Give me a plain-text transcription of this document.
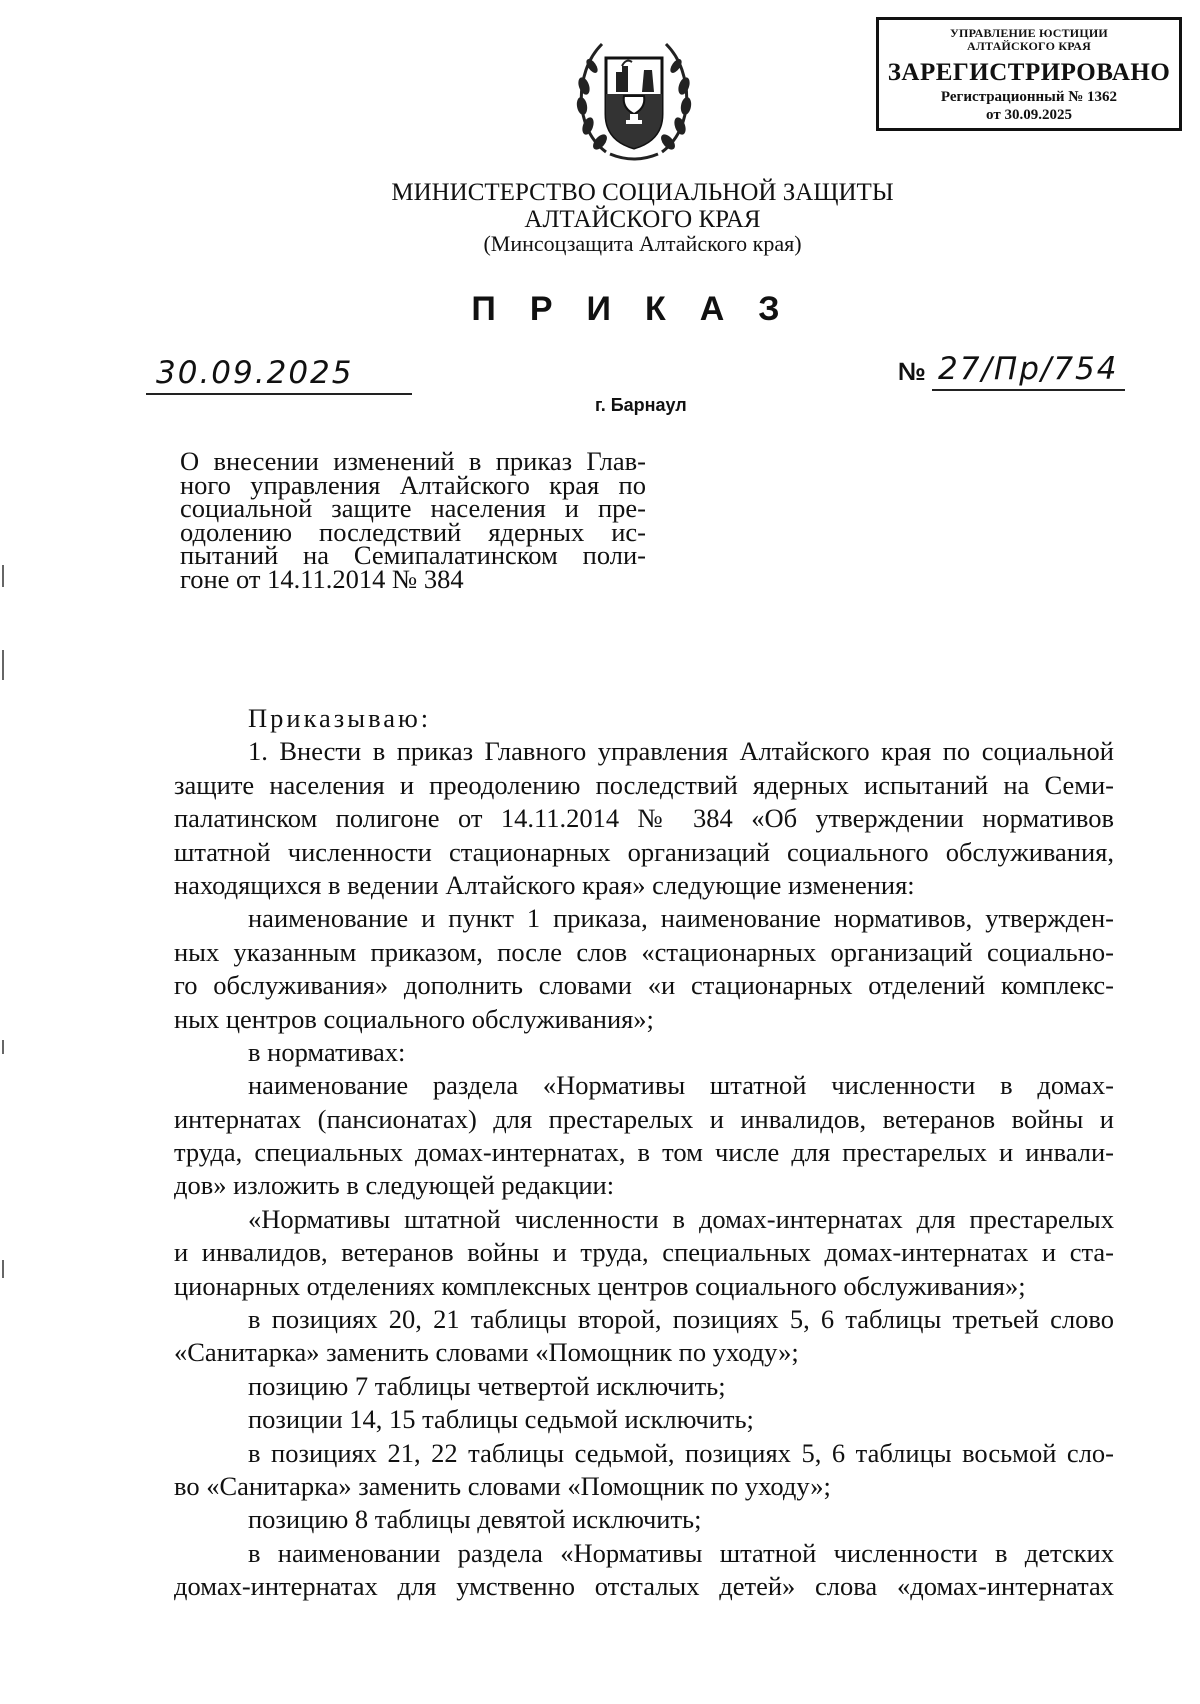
УПРАВЛЕНИЕ ЮСТИЦИИ
АЛТАЙСКОГО КРАЯ
ЗАРЕГИСТРИРОВАНО
Регистрационный № 1362
от 30.09.2025
МИНИСТЕРСТВО СОЦИАЛЬНОЙ ЗАЩИТЫ
АЛТАЙСКОГО КРАЯ
(Минсоцзащита Алтайского края)
ПРИКАЗ
30.09.2025	№ 27/Пр/754
г. Барнаул
О внесении изменений в приказ Глав-
ного управления Алтайского края по
социальной защите населения и пре-
одолению последствий ядерных ис-
пытаний на Семипалатинском поли-
гоне от 14.11.2014 № 384
Приказываю:
1. Внести в приказ Главного управления Алтайского края по социальной
защите населения и преодолению последствий ядерных испытаний на Семи-
палатинском полигоне от 14.11.2014 № 384 «Об утверждении нормативов
штатной численности стационарных организаций социального обслуживания,
находящихся в ведении Алтайского края» следующие изменения:
наименование и пункт 1 приказа, наименование нормативов, утвержден-
ных указанным приказом, после слов «стационарных организаций социально-
го обслуживания» дополнить словами «и стационарных отделений комплекс-
ных центров социального обслуживания»;
в нормативах:
наименование раздела «Нормативы штатной численности в домах-
интернатах (пансионатах) для престарелых и инвалидов, ветеранов войны и
труда, специальных домах-интернатах, в том числе для престарелых и инвали-
дов» изложить в следующей редакции:
«Нормативы штатной численности в домах-интернатах для престарелых
и инвалидов, ветеранов войны и труда, специальных домах-интернатах и ста-
ционарных отделениях комплексных центров социального обслуживания»;
в позициях 20, 21 таблицы второй, позициях 5, 6 таблицы третьей слово
«Санитарка» заменить словами «Помощник по уходу»;
позицию 7 таблицы четвертой исключить;
позиции 14, 15 таблицы седьмой исключить;
в позициях 21, 22 таблицы седьмой, позициях 5, 6 таблицы восьмой сло-
во «Санитарка» заменить словами «Помощник по уходу»;
позицию 8 таблицы девятой исключить;
в наименовании раздела «Нормативы штатной численности в детских
домах-интернатах для умственно отсталых детей» слова «домах-интернатах
